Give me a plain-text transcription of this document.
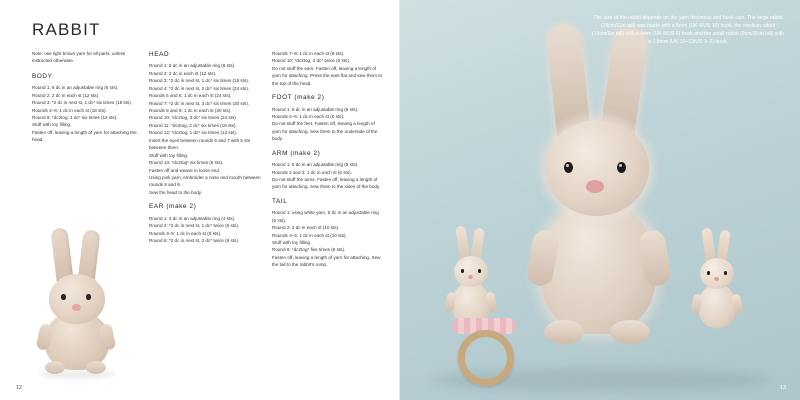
RABBIT
Note: use light brown yarn for all parts, unless instructed otherwise.
BODY

Round 1: 6 dc in an adjustable ring (6 sts).

Round 2: 2 dc in each st (12 sts).

Round 3: *2 dc in next st, 1 dc* six times (18 sts).

Rounds 4–8: 1 dc in each st (18 sts).

Round 9: *dc2tog, 1 dc* six times (12 sts).

Stuff with toy filling.

Fasten off, leaving a length of yarn for attaching the head.

HEAD

Round 1: 6 dc in an adjustable ring (6 sts).

Round 2: 2 dc in each st (12 sts).

Round 3: *2 dc in next st, 1 dc* six times (18 sts).

Round 4: *2 dc in next st, 2 dc* six times (24 sts).

Rounds 5 and 6: 1 dc in each st (24 sts).

Round 7: *2 dc in next st, 3 dc* six times (30 sts).

Rounds 8 and 9: 1 dc in each st (30 sts).

Round 10: *dc2tog, 3 dc* six times (24 sts).

Round 11: *dc2tog, 2 dc* six times (18 sts).

Round 12: *dc2tog, 1 dc* six times (12 sts).

Insert the eyes between rounds 6 and 7 with 5 sts between them.

Stuff with toy filling.

Round 13: *dc2tog* six times (6 sts).

Fasten off and weave in loose end.

Using pink yarn, embroider a nose and mouth between rounds 8 and 9.

Sew the head to the body.

EAR (make 2)

Round 1: 4 dc in an adjustable ring (4 sts).

Round 2: *2 dc in next st, 1 dc* twice (6 sts).

Rounds 3–5: 1 dc in each st (6 sts).

Round 6: *2 dc in next st, 2 dc* twice (8 sts).

Rounds 7–9: 1 dc in each st (8 sts).

Round 10: *dc2tog, 2 dc* twice (6 sts).

Do not stuff the ears. Fasten off, leaving a length of yarn for attaching. Press the ears flat and sew them to the top of the head.

FOOT (make 2)

Round 1: 6 dc in an adjustable ring (6 sts).

Rounds 2–6: 1 dc in each st (6 sts).

Do not stuff the feet. Fasten off, leaving a length of yarn for attaching. Sew them to the underside of the body.

ARM (make 2)

Round 1: 5 dc in an adjustable ring (5 sts).

Rounds 2 and 3: 1 dc in each st (5 sts).

Do not stuff the arms. Fasten off, leaving a length of yarn for attaching. Sew them to the sides of the body.

TAIL

Round 1: using white yarn, 5 dc in an adjustable ring (5 sts).

Round 2: 2 dc in each st (10 sts).

Rounds 3–5: 1 dc in each st (10 sts).

Stuff with toy filling.

Round 6: *dc2tog* five times (5 sts).

Fasten off, leaving a length of yarn for attaching. Sew the tail to the rabbit's rump.

12
The size of the rabbit depends on the yarn thickness and hook size. The large rabbit (28cm/11in tall) was made with a 6mm (UK 4/US 10) hook, the medium rabbit (13cm/5in tall) with a 4mm (UK 8/US 6) hook and the small rabbit (9cm/3½in tall) with a 2.5mm (UK 12–13/US 1–2) hook.
13
